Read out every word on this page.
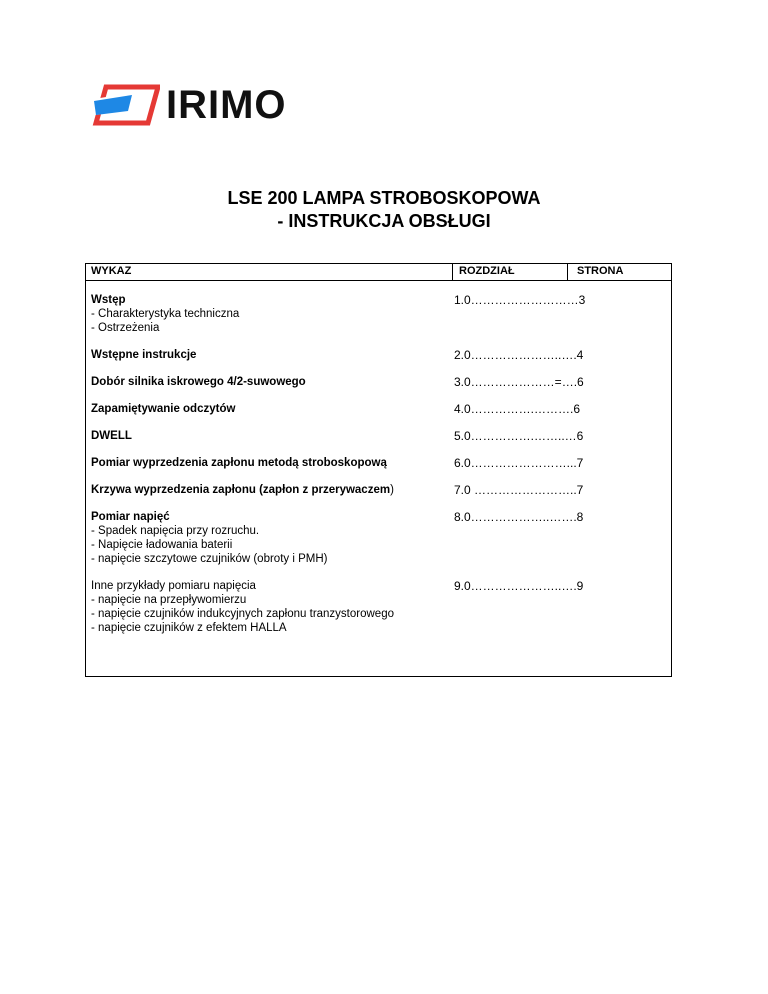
IRIMO
LSE 200 LAMPA STROBOSKOPOWA
- INSTRUKCJA OBSŁUGI
WYKAZ	ROZDZIAŁ	STRONA
Wstęp
- Charakterystyka techniczna
- Ostrzeżenia
1.0………………………3
Wstępne instrukcje	2.0…………………..….4
Dobór silnika iskrowego 4/2-suwowego	3.0…………………=….6
Zapamiętywanie odczytów	4.0…………….……….6
DWELL	5.0…………….……..…6
Pomiar wyprzedzenia zapłonu metodą stroboskopową	6.0……………………...7
Krzywa wyprzedzenia zapłonu (zapłon z przerywaczem)	7.0 ……………………..7
Pomiar napięć
- Spadek napięcia przy rozruchu.
- Napięcie ładowania baterii
- napięcie szczytowe czujników (obroty i PMH)
8.0………………..…….8
Inne przykłady pomiaru napięcia
- napięcie na przepływomierzu
- napięcie czujników indukcyjnych zapłonu tranzystorowego
- napięcie czujników z efektem HALLA
9.0…………………..….9
